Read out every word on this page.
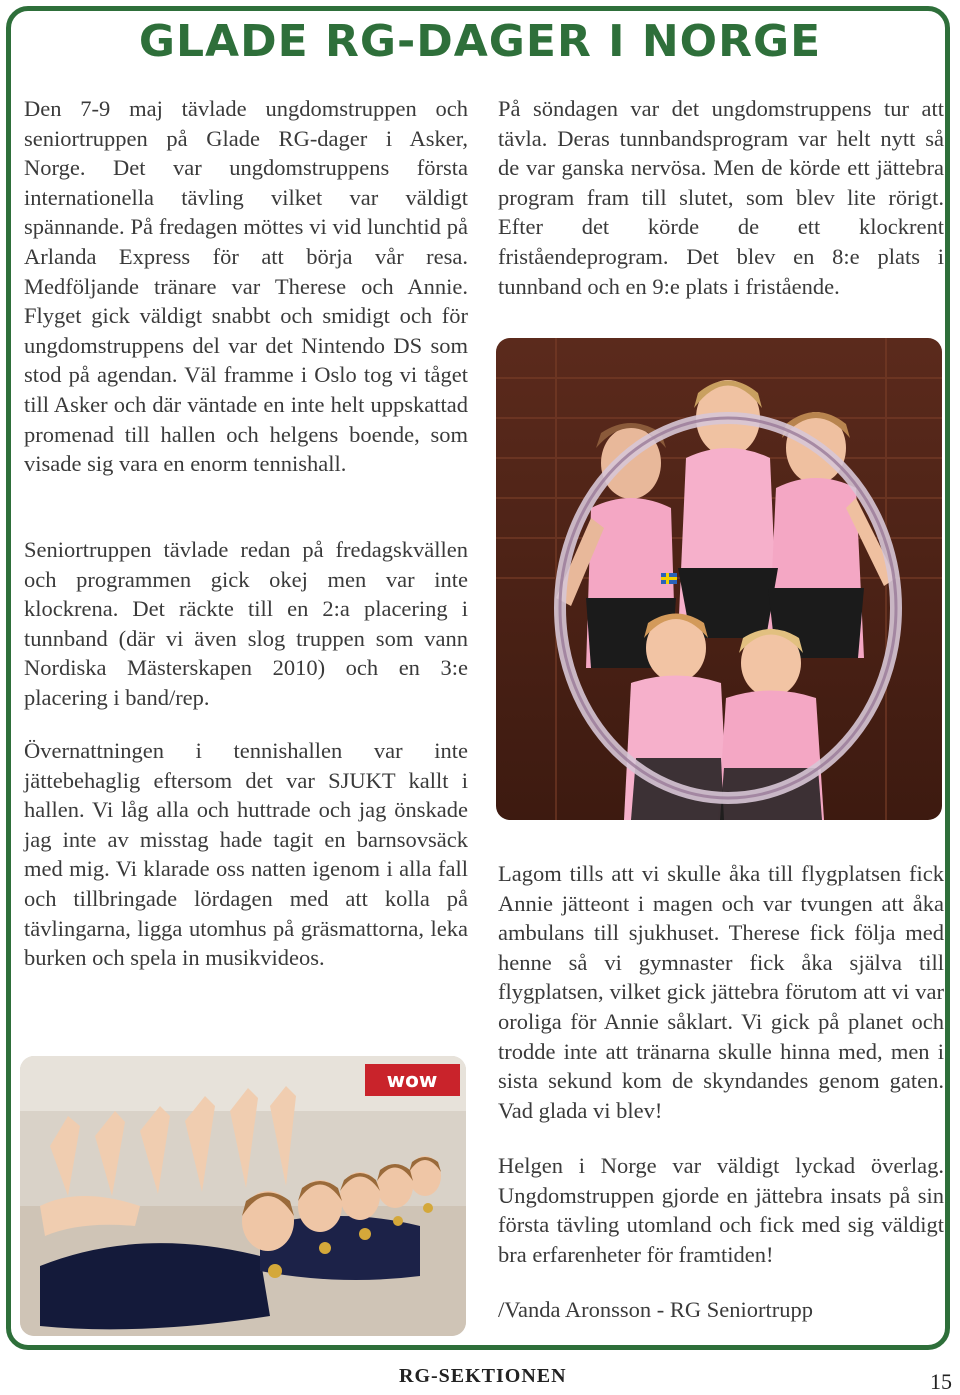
GLADE RG-DAGER I NORGE

Den 7-9 maj tävlade ungdomstruppen och seniortruppen på Glade RG-dager i Asker, Norge. Det var ungdomstruppens första internationella tävling vilket var väldigt spännande. På fredagen möttes vi vid lunchtid på Arlanda Express för att börja vår resa. Medföljande tränare var Therese och Annie. Flyget gick väldigt snabbt och smidigt och för ungdomstruppens del var det Nintendo DS som stod på agendan. Väl framme i Oslo tog vi tåget till Asker och där väntade en inte helt uppskattad promenad till hallen och helgens boende, som visade sig vara en enorm tennishall.

Seniortruppen tävlade redan på fredagskvällen och programmen gick okej men var inte klockrena. Det räckte till en 2:a placering i tunnband (där vi även slog truppen som vann Nordiska Mästerskapen 2010) och en 3:e placering i band/rep.

Övernattningen i tennishallen var inte jättebehaglig eftersom det var SJUKT kallt i hallen. Vi låg alla och huttrade och jag önskade jag inte av misstag hade tagit en barnsovsäck med mig. Vi klarade oss natten igenom i alla fall och tillbringade lördagen med att kolla på tävlingarna, ligga utomhus på gräsmattorna, leka burken och spela in musikvideos.

På söndagen var det ungdomstruppens tur att tävla. Deras tunnbandsprogram var helt nytt så de var ganska nervösa. Men de körde ett jättebra program fram till slutet, som blev lite rörigt. Efter det körde de ett klockrent friståendeprogram. Det blev en 8:e plats i tunnband och en 9:e plats i fristående.

Lagom tills att vi skulle åka till flygplatsen fick Annie jätteont i magen och var tvungen att åka ambulans till sjukhuset. Therese fick följa med henne så vi gymnaster fick åka själva till flygplatsen, vilket gick jättebra förutom att vi var oroliga för Annie såklart. Vi gick på planet och trodde inte att tränarna skulle hinna med, men i sista sekund kom de skyndandes genom gaten. Vad glada vi blev!

Helgen i Norge var väldigt lyckad överlag. Ungdomstruppen gjorde en jättebra insats på sin första tävling utomland och fick med sig väldigt bra erfarenheter för framtiden!

/Vanda Aronsson - RG Seniortrupp

wow
RG-SEKTIONEN	15
